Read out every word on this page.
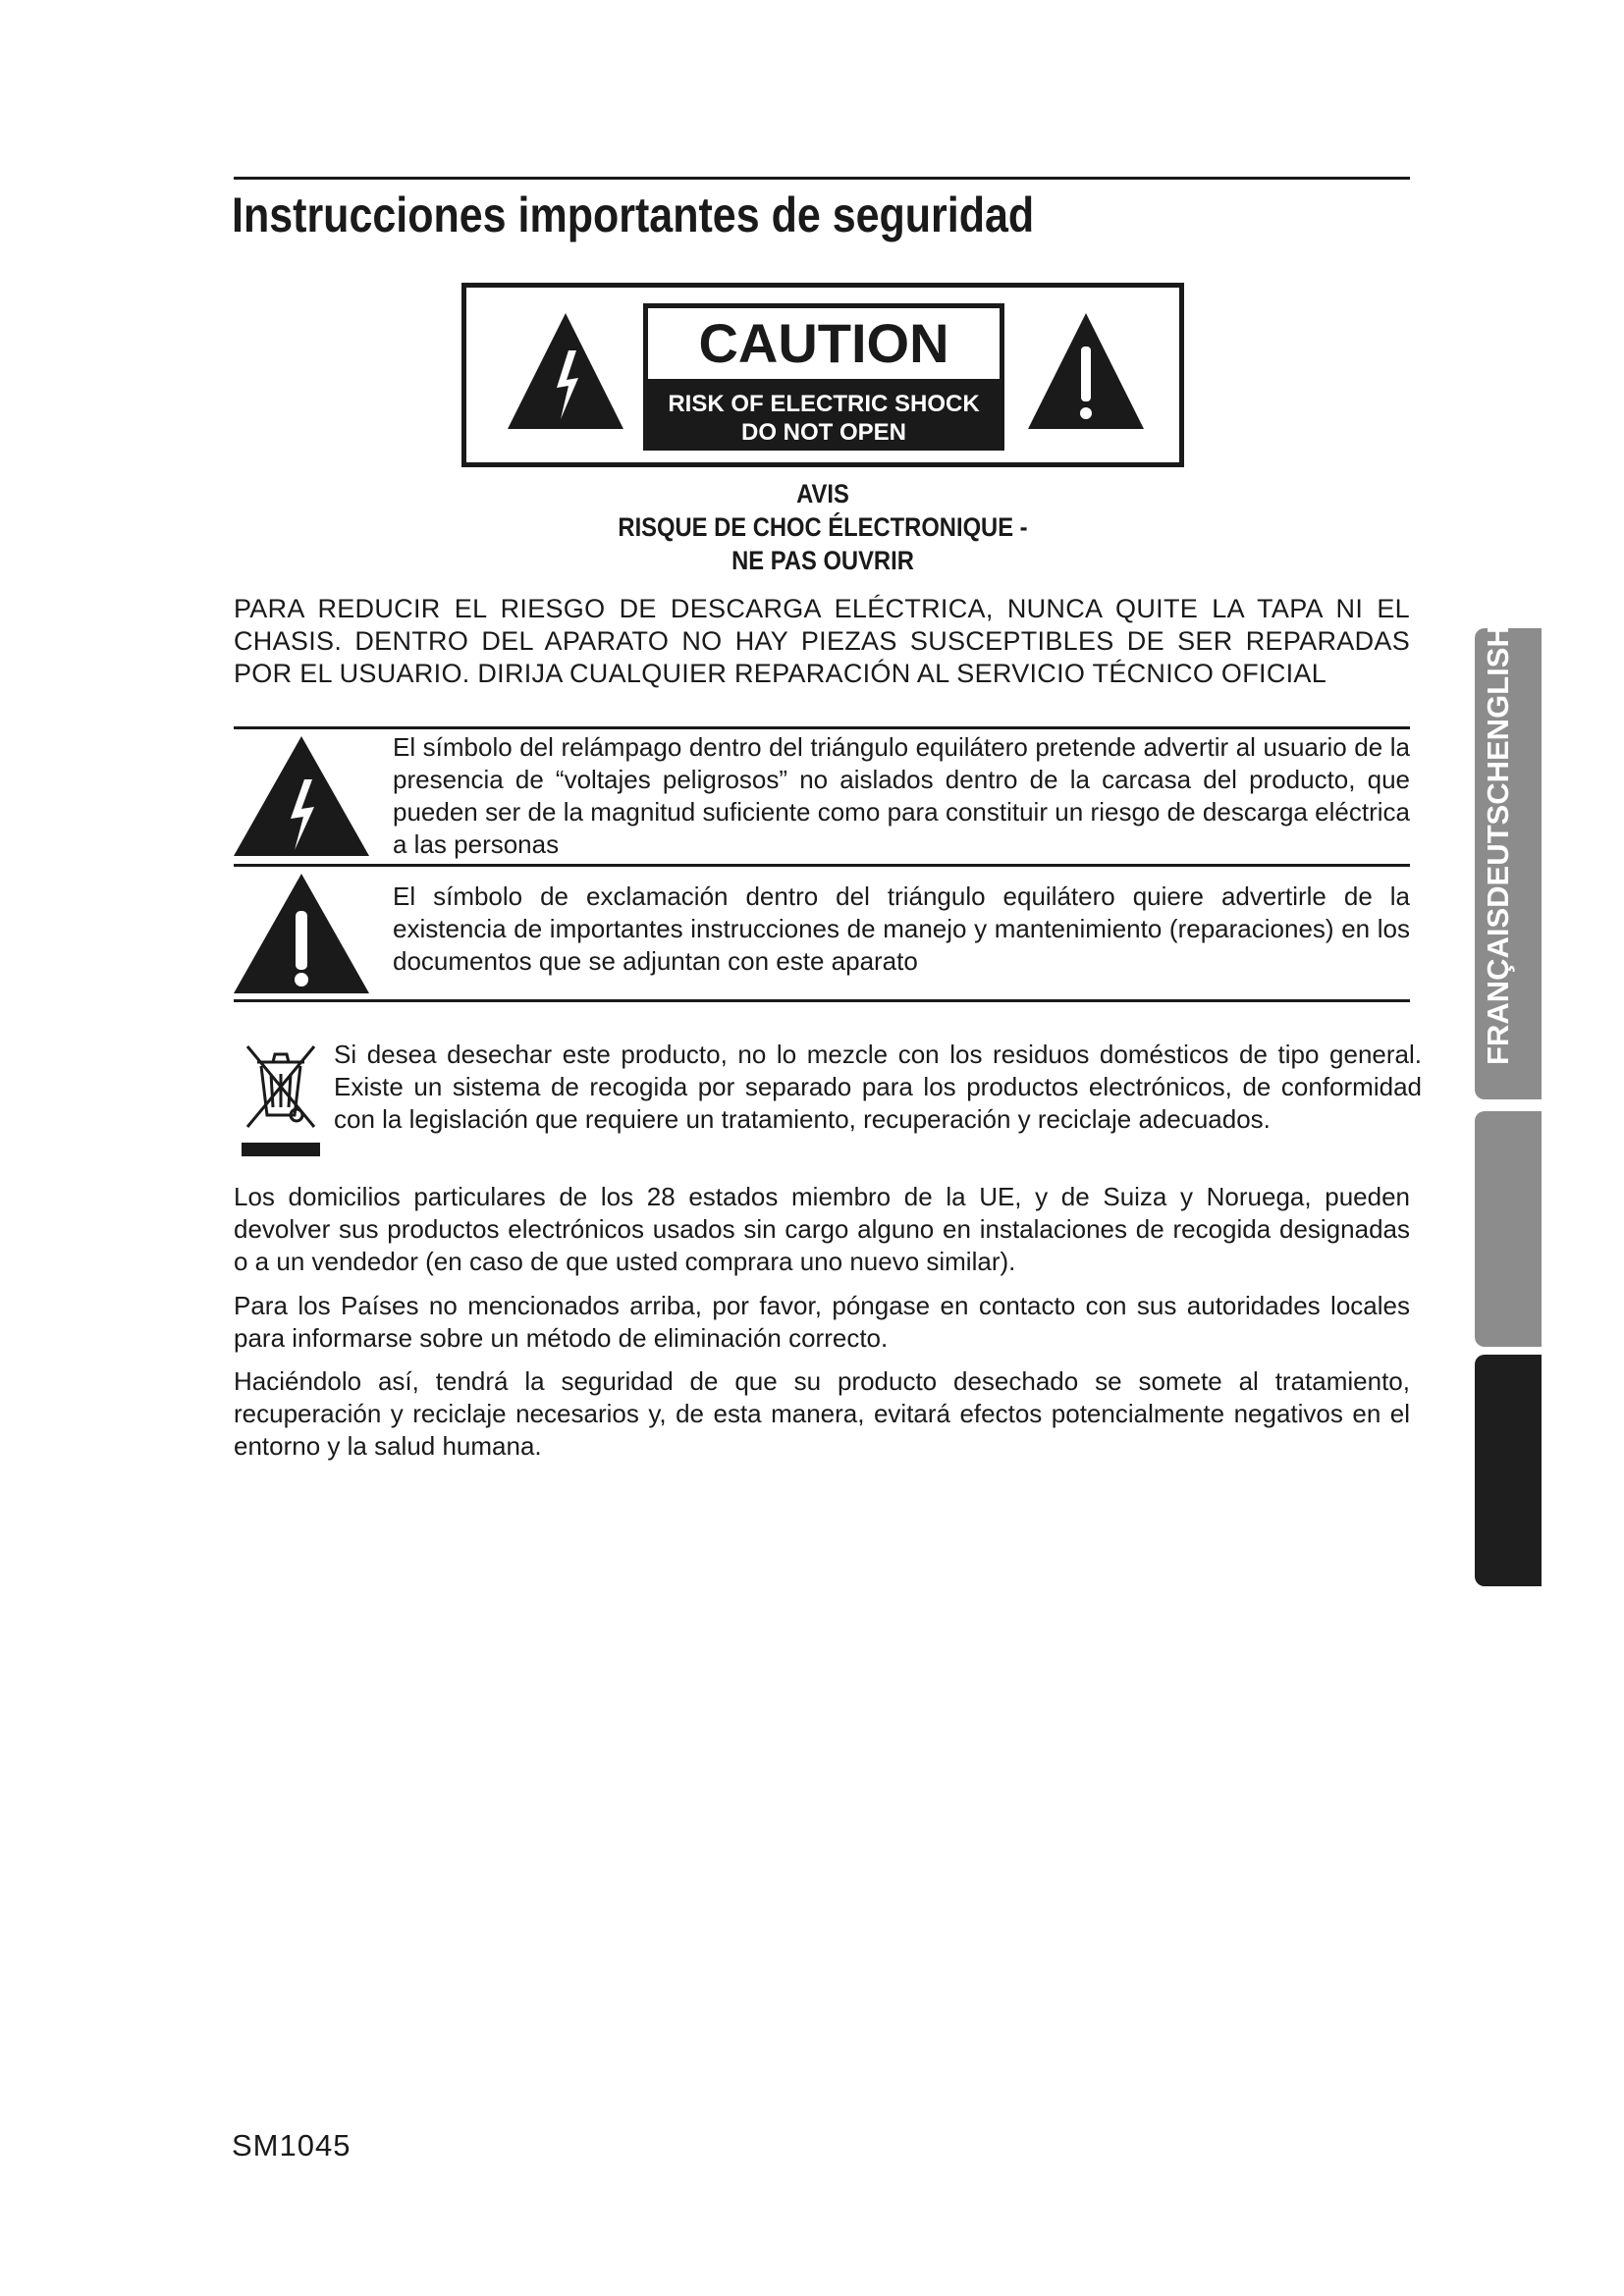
Instrucciones importantes de seguridad
CAUTION
RISK OF ELECTRIC SHOCK
DO NOT OPEN
AVIS
RISQUE DE CHOC ÉLECTRONIQUE -
NE PAS OUVRIR
PARA REDUCIR EL RIESGO DE DESCARGA ELÉCTRICA, NUNCA QUITE LA TAPA NI EL CHASIS. DENTRO DEL APARATO NO HAY PIEZAS SUSCEPTIBLES DE SER REPARADAS POR EL USUARIO. DIRIJA CUALQUIER REPARACIÓN AL SERVICIO TÉCNICO OFICIAL
El símbolo del relámpago dentro del triángulo equilátero pretende advertir al usuario de la presencia de “voltajes peligrosos” no aislados dentro de la carcasa del producto, que pueden ser de la magnitud suficiente como para constituir un riesgo de descarga eléctrica a las personas
El símbolo de exclamación dentro del triángulo equilátero quiere advertirle de la existencia de importantes instrucciones de manejo y mantenimiento (reparaciones) en los documentos que se adjuntan con este aparato
Si desea desechar este producto, no lo mezcle con los residuos domésticos de tipo general. Existe un sistema de recogida por separado para los productos electrónicos, de conformidad con la legislación que requiere un tratamiento, recuperación y reciclaje adecuados.
Los domicilios particulares de los 28 estados miembro de la UE, y de Suiza y Noruega, pueden devolver sus productos electrónicos usados sin cargo alguno en instalaciones de recogida designadas o a un vendedor (en caso de que usted comprara uno nuevo similar).
Para los Países no mencionados arriba, por favor, póngase en contacto con sus autoridades locales para informarse sobre un método de eliminación correcto.
Haciéndolo así, tendrá la seguridad de que su producto desechado se somete al tratamiento, recuperación y reciclaje necesarios y, de esta manera, evitará efectos potencialmente negativos en el entorno y la salud humana.
FRANÇAISDEUTSCHENGLISHESPAÑOL
SM1045
